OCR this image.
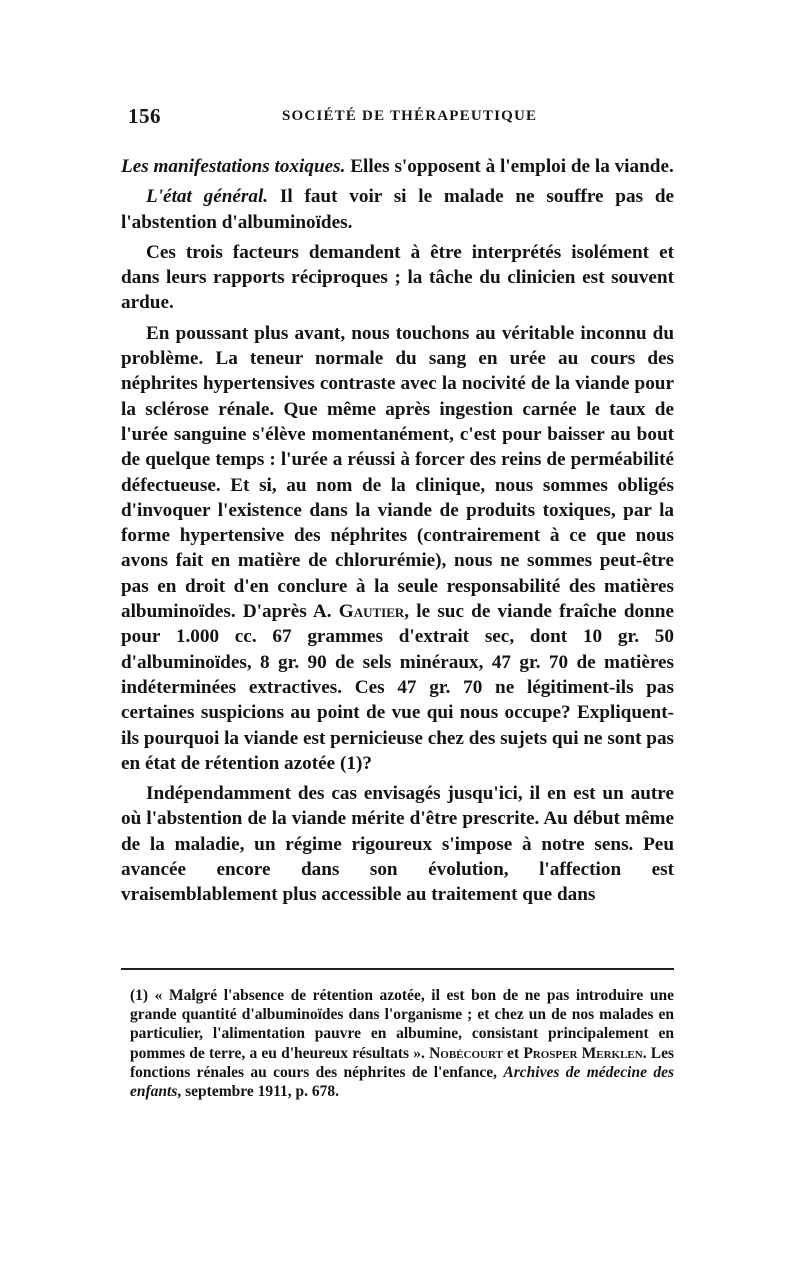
156	SOCIÉTÉ DE THÉRAPEUTIQUE

Les manifestations toxiques. Elles s'opposent à l'emploi de la viande.

L'état général. Il faut voir si le malade ne souffre pas de l'abstention d'albuminoïdes.

Ces trois facteurs demandent à être interprétés isolément et dans leurs rapports réciproques ; la tâche du clinicien est souvent ardue.

En poussant plus avant, nous touchons au véritable inconnu du problème. La teneur normale du sang en urée au cours des néphrites hypertensives contraste avec la nocivité de la viande pour la sclérose rénale. Que même après ingestion carnée le taux de l'urée sanguine s'élève momentanément, c'est pour baisser au bout de quelque temps : l'urée a réussi à forcer des reins de perméabilité défectueuse. Et si, au nom de la clinique, nous sommes obligés d'invoquer l'existence dans la viande de produits toxiques, par la forme hypertensive des néphrites (contrairement à ce que nous avons fait en matière de chlorurémie), nous ne sommes peut-être pas en droit d'en conclure à la seule responsabilité des matières albuminoïdes. D'après A. Gautier, le suc de viande fraîche donne pour 1.000 cc. 67 grammes d'extrait sec, dont 10 gr. 50 d'albuminoïdes, 8 gr. 90 de sels minéraux, 47 gr. 70 de matières indéterminées extractives. Ces 47 gr. 70 ne légitiment-ils pas certaines suspicions au point de vue qui nous occupe? Expliquent-ils pourquoi la viande est pernicieuse chez des sujets qui ne sont pas en état de rétention azotée (1)?

Indépendamment des cas envisagés jusqu'ici, il en est un autre où l'abstention de la viande mérite d'être prescrite. Au début même de la maladie, un régime rigoureux s'impose à notre sens. Peu avancée encore dans son évolution, l'affection est vraisemblablement plus accessible au traitement que dans

(1) « Malgré l'absence de rétention azotée, il est bon de ne pas introduire une grande quantité d'albuminoïdes dans l'organisme ; et chez un de nos malades en particulier, l'alimentation pauvre en albumine, consistant principalement en pommes de terre, a eu d'heureux résultats ». Nobécourt et Prosper Merklen. Les fonctions rénales au cours des néphrites de l'enfance, Archives de médecine des enfants, septembre 1911, p. 678.
